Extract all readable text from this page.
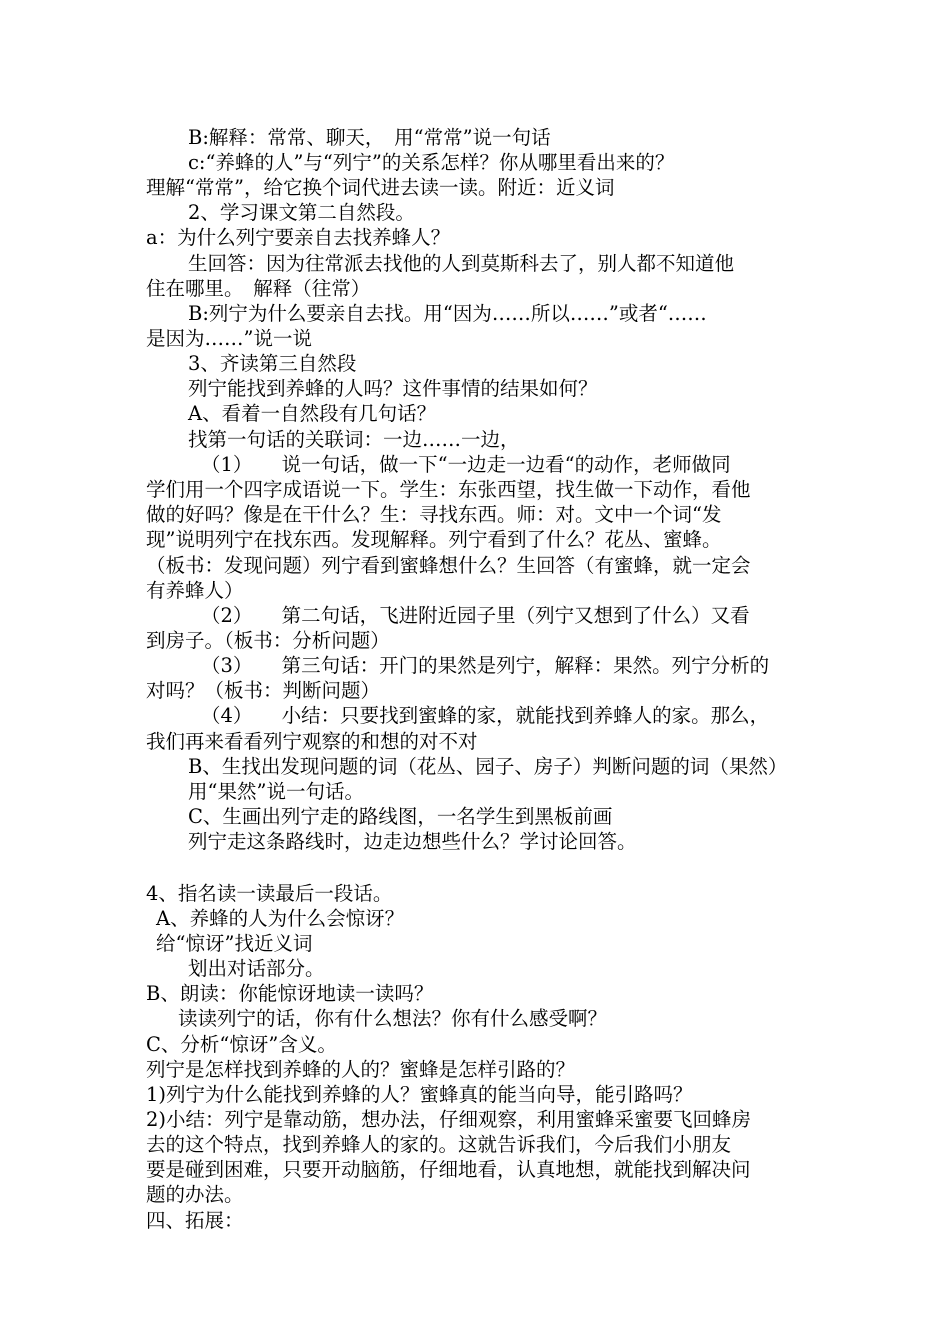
B:解释：常常、聊天，　用“常常”说一句话

c:“养蜂的人”与“列宁”的关系怎样？你从哪里看出来的？

理解“常常”，给它换个词代进去读一读。附近：近义词

2、学习课文第二自然段。

a：为什么列宁要亲自去找养蜂人？

生回答：因为往常派去找他的人到莫斯科去了，别人都不知道他

住在哪里。　解释（往常）

B:列宁为什么要亲自去找。用“因为……所以……”或者“……

是因为……”说一说

3、齐读第三自然段

列宁能找到养蜂的人吗？这件事情的结果如何？

A、看着一自然段有几句话？

找第一句话的关联词：一边……一边，

（1）　　说一句话，做一下“一边走一边看“的动作，老师做同

学们用一个四字成语说一下。学生：东张西望，找生做一下动作，看他

做的好吗？像是在干什么？生：寻找东西。师：对。文中一个词“发

现”说明列宁在找东西。发现解释。列宁看到了什么？花丛、蜜蜂。

（板书：发现问题）列宁看到蜜蜂想什么？生回答（有蜜蜂，就一定会

有养蜂人）

（2）　　第二句话，飞进附近园子里（列宁又想到了什么）又看

到房子。（板书：分析问题）

（3）　　第三句话：开门的果然是列宁，解释：果然。列宁分析的

对吗？（板书：判断问题）

（4）　　小结：只要找到蜜蜂的家，就能找到养蜂人的家。那么，

我们再来看看列宁观察的和想的对不对

B、生找出发现问题的词（花丛、园子、房子）判断问题的词（果然）

用“果然”说一句话。

C、生画出列宁走的路线图，一名学生到黑板前画

列宁走这条路线时，边走边想些什么？学讨论回答。

4、指名读一读最后一段话。

A、养蜂的人为什么会惊讶？

给“惊讶”找近义词

划出对话部分。

B、朗读：你能惊讶地读一读吗？

读读列宁的话，你有什么想法？你有什么感受啊？

C、分析“惊讶”含义。

列宁是怎样找到养蜂的人的？蜜蜂是怎样引路的？

1)列宁为什么能找到养蜂的人？蜜蜂真的能当向导，能引路吗？

2)小结：列宁是靠动筋，想办法，仔细观察，利用蜜蜂采蜜要飞回蜂房

去的这个特点，找到养蜂人的家的。这就告诉我们，今后我们小朋友

要是碰到困难，只要开动脑筋，仔细地看，认真地想，就能找到解决问

题的办法。

四、拓展：
